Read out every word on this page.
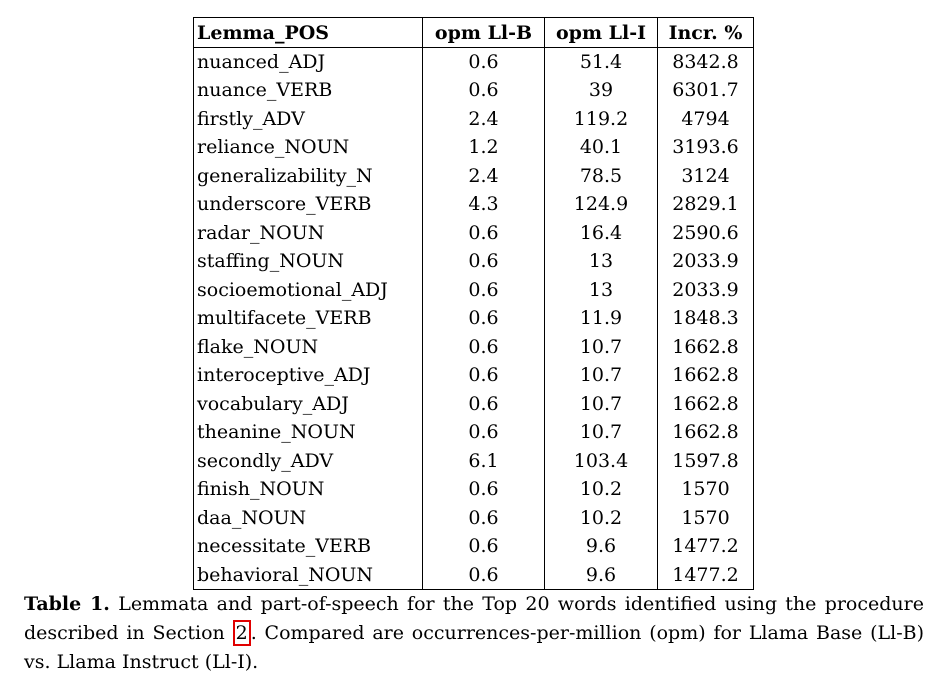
Lemma_POS	opm Ll-B	opm Ll-I	Incr. %
nuanced_ADJ	0.6	51.4	8342.8
nuance_VERB	0.6	39	6301.7
firstly_ADV	2.4	119.2	4794
reliance_NOUN	1.2	40.1	3193.6
generalizability_N	2.4	78.5	3124
underscore_VERB	4.3	124.9	2829.1
radar_NOUN	0.6	16.4	2590.6
staffing_NOUN	0.6	13	2033.9
socioemotional_ADJ	0.6	13	2033.9
multifacete_VERB	0.6	11.9	1848.3
flake_NOUN	0.6	10.7	1662.8
interoceptive_ADJ	0.6	10.7	1662.8
vocabulary_ADJ	0.6	10.7	1662.8
theanine_NOUN	0.6	10.7	1662.8
secondly_ADV	6.1	103.4	1597.8
finish_NOUN	0.6	10.2	1570
daa_NOUN	0.6	10.2	1570
necessitate_VERB	0.6	9.6	1477.2
behavioral_NOUN	0.6	9.6	1477.2
Table 1. Lemmata and part-of-speech for the Top 20 words identified using the procedure described in Section 2 . Compared are occurrences-per-million (opm) for Llama Base (Ll-B) vs. Llama Instruct (Ll-I).
